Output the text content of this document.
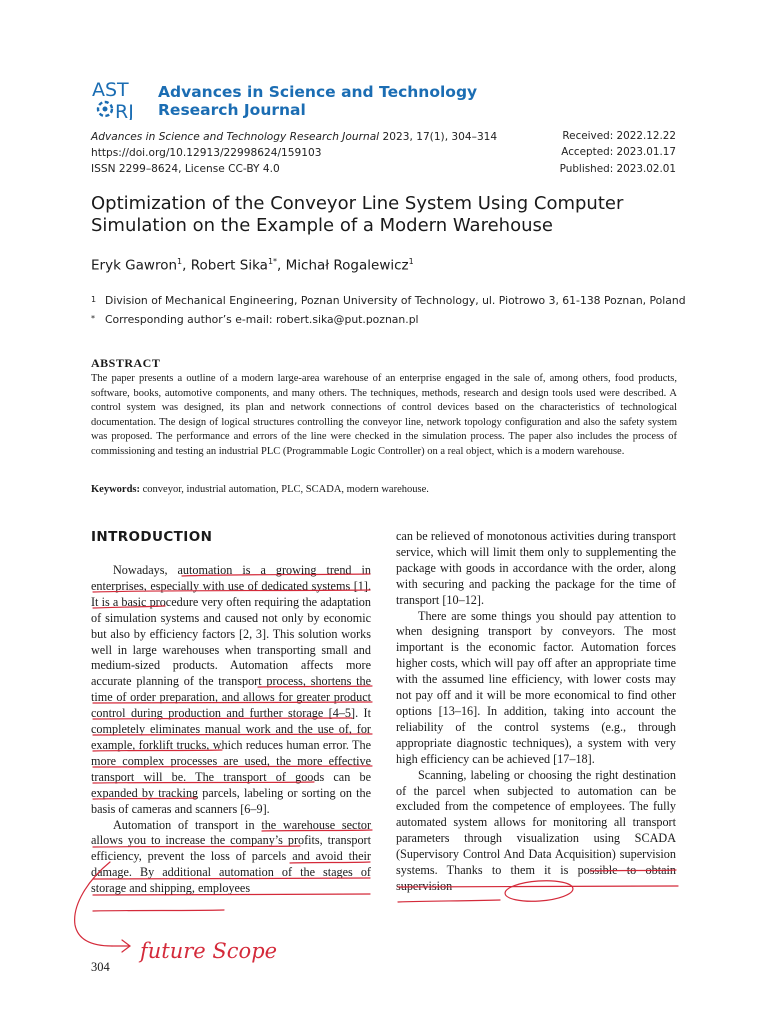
AST
RJ
Advances in Science and Technology
Research Journal
Advances in Science and Technology Research Journal 2023, 17(1), 304–314
https://doi.org/10.12913/22998624/159103
ISSN 2299–8624, License CC-BY 4.0
Received: 2022.12.22
Accepted: 2023.01.17
Published: 2023.02.01
Optimization of the Conveyor Line System Using Computer
Simulation on the Example of a Modern Warehouse
Eryk Gawron$^1$, Robert Sika$^{1*}$, Michał Rogalewicz$^1$
1 Division of Mechanical Engineering, Poznan University of Technology, ul. Piotrowo 3, 61-138 Poznan, Poland
* Corresponding author’s e-mail: robert.sika@put.poznan.pl
ABSTRACT
The paper presents a outline of a modern large-area warehouse of an enterprise engaged in the sale of, among others, food products, software, books, automotive components, and many others. The techniques, methods, research and design tools used were described. A control system was designed, its plan and network connections of control devices based on the characteristics of technological documentation. The design of logical structures controlling the conveyor line, network topology configuration and also the safety system was proposed. The performance and errors of the line were checked in the simulation process. The paper also includes the process of commissioning and testing an industrial PLC (Programmable Logic Controller) on a real object, which is a modern warehouse.
Keywords: conveyor, industrial automation, PLC, SCADA, modern warehouse.
INTRODUCTION

Nowadays, automation is a growing trend in enterprises, especially with use of dedicated systems [1]. It is a basic procedure very often requiring the adaptation of simulation systems and caused not only by economic but also by efficiency factors [2, 3]. This solution works well in large warehouses when transporting small and medium-sized products. Automation affects more accurate planning of the transport process, shortens the time of order preparation, and allows for greater product control during production and further storage [4–5]. It completely eliminates manual work and the use of, for example, forklift trucks, which reduces human error. The more complex processes are used, the more effective transport will be. The transport of goods can be expanded by tracking parcels, labeling or sorting on the basis of cameras and scanners [6–9].

Automation of transport in the warehouse sector allows you to increase the company’s profits, transport efficiency, prevent the loss of parcels and avoid their damage. By additional automation of the stages of storage and shipping, employees

can be relieved of monotonous activities during transport service, which will limit them only to supplementing the package with goods in accordance with the order, along with securing and packing the package for the time of transport [10–12].

There are some things you should pay attention to when designing transport by conveyors. The most important is the economic factor. Automation forces higher costs, which will pay off after an appropriate time with the assumed line efficiency, with lower costs may not pay off and it will be more economical to find other options [13–16]. In addition, taking into account the reliability of the control systems (e.g., through appropriate diagnostic techniques), a system with very high efficiency can be achieved [17–18].

Scanning, labeling or choosing the right destination of the parcel when subjected to automation can be excluded from the competence of employees. The fully automated system allows for monitoring all transport parameters through visualization using SCADA (Supervisory Control And Data Acquisition) supervision systems. Thanks to them it is possible to obtain supervision

304
future Scope
